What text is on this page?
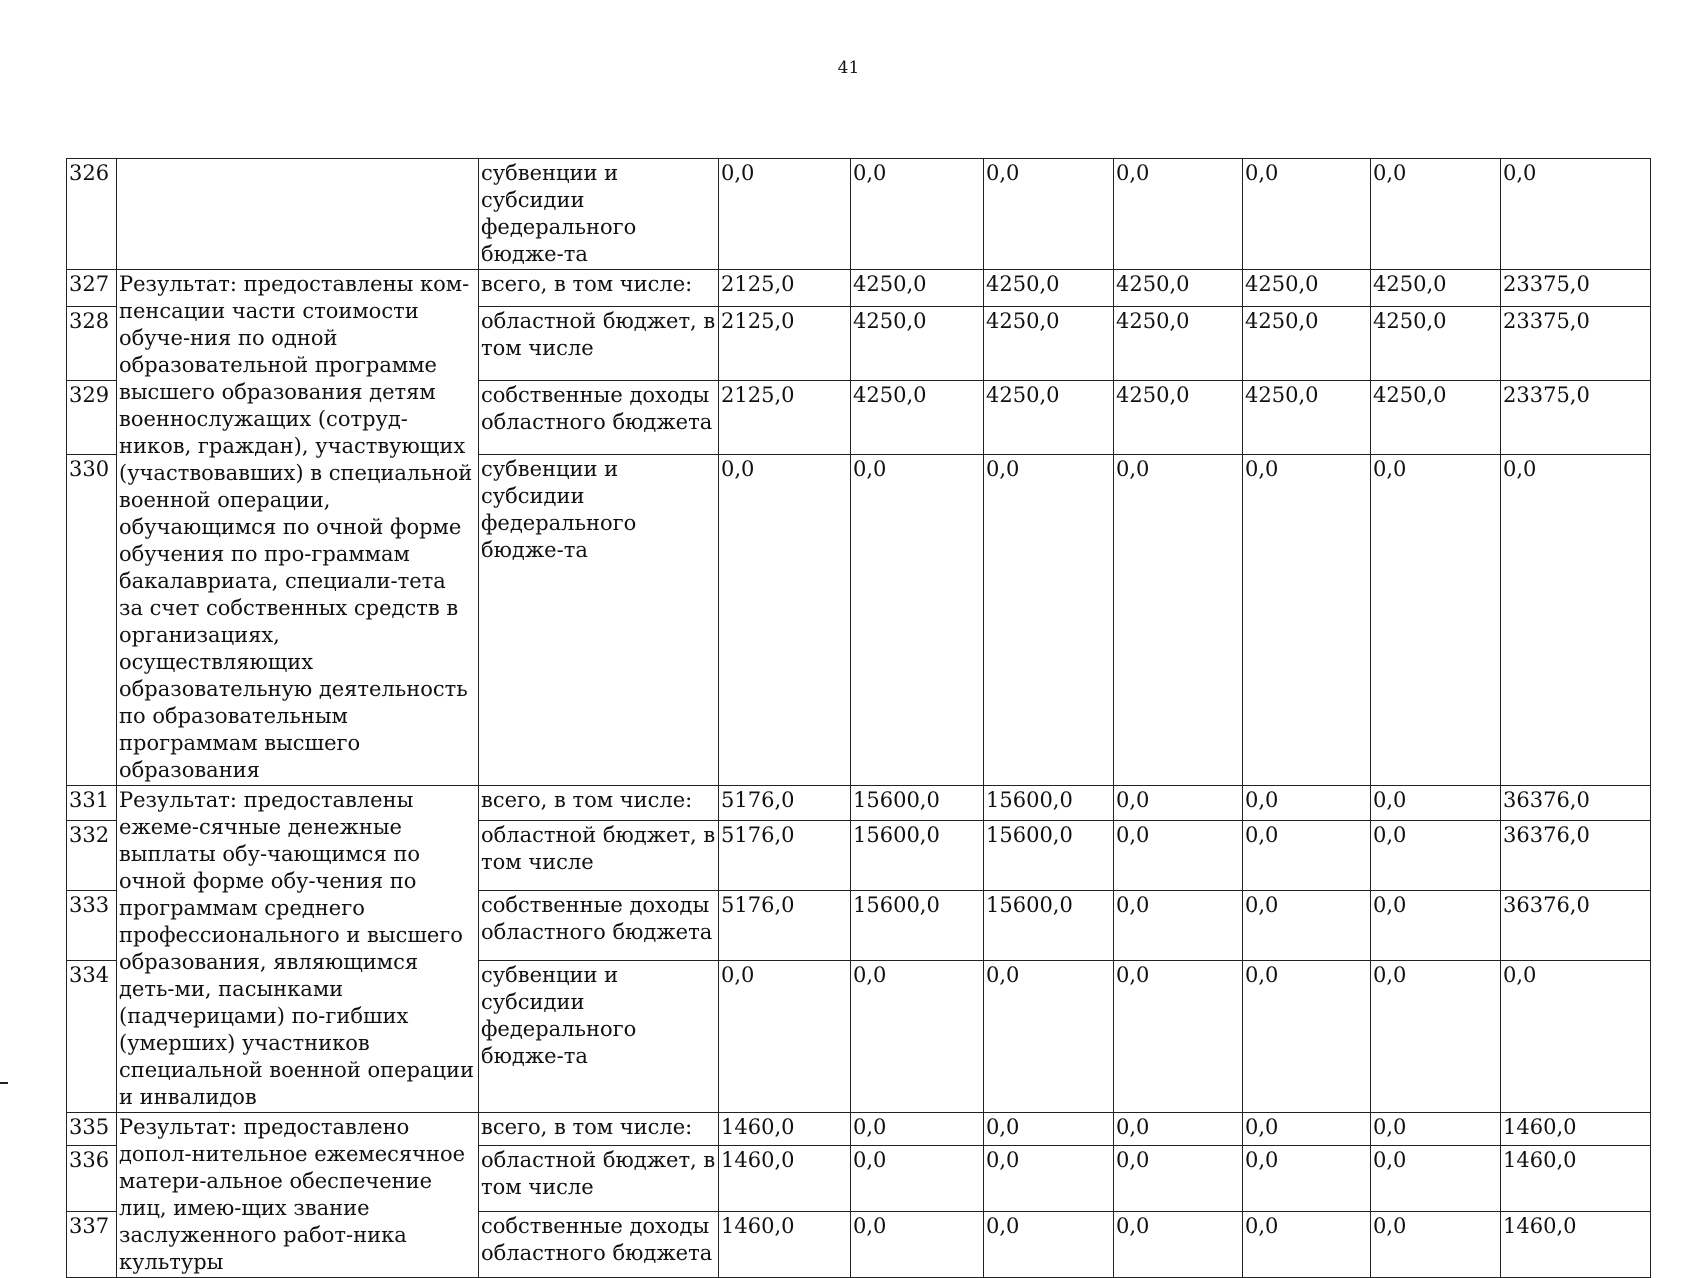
41
326		субвенции и субсидии федерального бюдже-та	0,0	0,0	0,0	0,0	0,0	0,0	0,0
327	Результат: предоставлены ком-пенсации части стоимости обуче-ния по одной образовательной программе высшего образования детям военнослужащих (сотруд-ников, граждан), участвующих (участвовавших) в специальной военной операции, обучающимся по очной форме обучения по про-граммам бакалавриата, специали-тета за счет собственных средств в организациях, осуществляющих образовательную деятельность по образовательным программам высшего образования	всего, в том числе:	2125,0	4250,0	4250,0	4250,0	4250,0	4250,0	23375,0
328		областной бюджет, в том числе	2125,0	4250,0	4250,0	4250,0	4250,0	4250,0	23375,0
329		собственные доходы областного бюджета	2125,0	4250,0	4250,0	4250,0	4250,0	4250,0	23375,0
330		субвенции и субсидии федерального бюдже-та	0,0	0,0	0,0	0,0	0,0	0,0	0,0
331	Результат: предоставлены ежеме-сячные денежные выплаты обу-чающимся по очной форме обу-чения по программам среднего профессионального и высшего образования, являющимся деть-ми, пасынками (падчерицами) по-гибших (умерших) участников специальной военной операции и инвалидов	всего, в том числе:	5176,0	15600,0	15600,0	0,0	0,0	0,0	36376,0
332		областной бюджет, в том числе	5176,0	15600,0	15600,0	0,0	0,0	0,0	36376,0
333		собственные доходы областного бюджета	5176,0	15600,0	15600,0	0,0	0,0	0,0	36376,0
334		субвенции и субсидии федерального бюдже-та	0,0	0,0	0,0	0,0	0,0	0,0	0,0
335	Результат: предоставлено допол-нительное ежемесячное матери-альное обеспечение лиц, имею-щих звание заслуженного работ-ника культуры	всего, в том числе:	1460,0	0,0	0,0	0,0	0,0	0,0	1460,0
336		областной бюджет, в том числе	1460,0	0,0	0,0	0,0	0,0	0,0	1460,0
337		собственные доходы областного бюджета	1460,0	0,0	0,0	0,0	0,0	0,0	1460,0
